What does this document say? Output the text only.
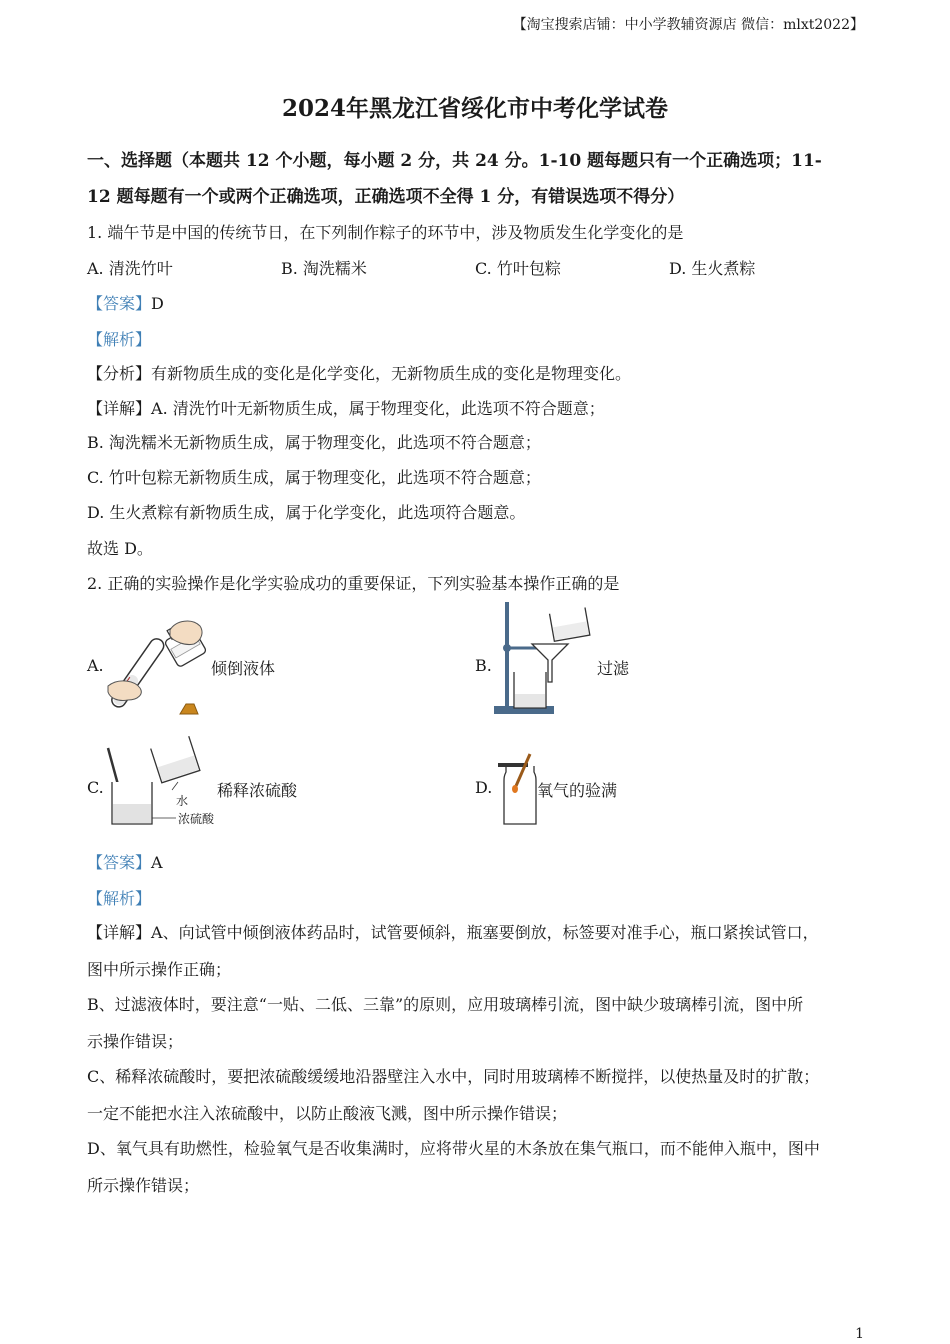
【淘宝搜索店铺：中小学教辅资源店 微信：mlxt2022】
2024年黑龙江省绥化市中考化学试卷
一、选择题（本题共 12 个小题，每小题 2 分，共 24 分。1-10 题每题只有一个正确选项；11-
12 题每题有一个或两个正确选项，正确选项不全得 1 分，有错误选项不得分）
1. 端午节是中国的传统节日，在下列制作粽子的环节中，涉及物质发生化学变化的是
A. 清洗竹叶	B. 淘洗糯米	C. 竹叶包粽	D. 生火煮粽
【答案】D
【解析】
【分析】有新物质生成的变化是化学变化，无新物质生成的变化是物理变化。
【详解】A. 清洗竹叶无新物质生成，属于物理变化，此选项不符合题意；
B. 淘洗糯米无新物质生成，属于物理变化，此选项不符合题意；
C. 竹叶包粽无新物质生成，属于物理变化，此选项不符合题意；
D. 生火煮粽有新物质生成，属于化学变化，此选项符合题意。
故选 D。
2. 正确的实验操作是化学实验成功的重要保证，下列实验基本操作正确的是
A.	倾倒液体	B.	过滤
C.
水
浓硫酸
稀释浓硫酸	D.	氧气的验满
【答案】A
【解析】
【详解】A、向试管中倾倒液体药品时，试管要倾斜，瓶塞要倒放，标签要对准手心，瓶口紧挨试管口，
图中所示操作正确；
B、过滤液体时，要注意“一贴、二低、三靠”的原则，应用玻璃棒引流，图中缺少玻璃棒引流，图中所
示操作错误；
C、稀释浓硫酸时，要把浓硫酸缓缓地沿器壁注入水中，同时用玻璃棒不断搅拌，以使热量及时的扩散；
一定不能把水注入浓硫酸中，以防止酸液飞溅，图中所示操作错误；
D、氧气具有助燃性，检验氧气是否收集满时，应将带火星的木条放在集气瓶口，而不能伸入瓶中，图中
所示操作错误；
1
